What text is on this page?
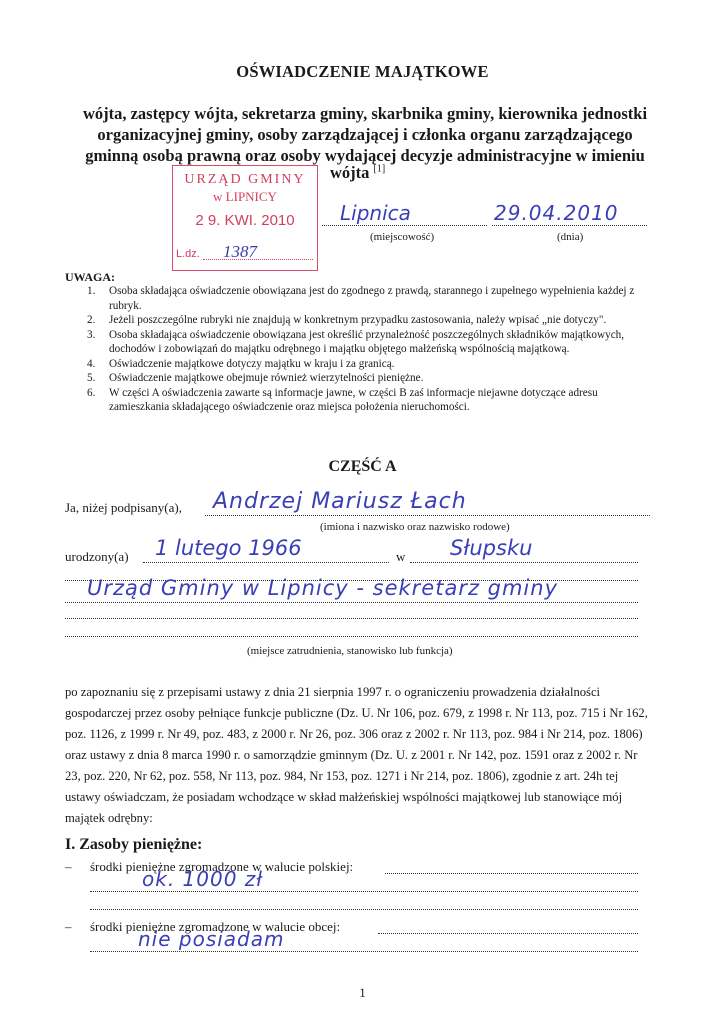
OŚWIADCZENIE MAJĄTKOWE
wójta, zastępcy wójta, sekretarza gminy, skarbnika gminy, kierownika jednostki
organizacyjnej gminy, osoby zarządzającej i członka organu zarządzającego
gminną osobą prawną oraz osoby wydającej decyzje administracyjne w imieniu
wójta [1]
URZĄD GMINY
w LIPNICY
2 9. KWI. 2010
L.dz. 1387
Lipnica	29.04.2010
(miejscowość)	(dnia)
UWAGA:
1. Osoba składająca oświadczenie obowiązana jest do zgodnego z prawdą, starannego i zupełnego wypełnienia każdej z rubryk.
2. Jeżeli poszczególne rubryki nie znajdują w konkretnym przypadku zastosowania, należy wpisać „nie dotyczy".
3. Osoba składająca oświadczenie obowiązana jest określić przynależność poszczególnych składników majątkowych, dochodów i zobowiązań do majątku odrębnego i majątku objętego małżeńską wspólnością majątkową.
4. Oświadczenie majątkowe dotyczy majątku w kraju i za granicą.
5. Oświadczenie majątkowe obejmuje również wierzytelności pieniężne.
6. W części A oświadczenia zawarte są informacje jawne, w części B zaś informacje niejawne dotyczące adresu zamieszkania składającego oświadczenie oraz miejsca położenia nieruchomości.
CZĘŚĆ A
Ja, niżej podpisany(a), Andrzej Mariusz Łach
(imiona i nazwisko oraz nazwisko rodowe)
urodzony(a) 1 lutego 1966	w Słupsku
Urząd Gminy w Lipnicy - sekretarz gminy
(miejsce zatrudnienia, stanowisko lub funkcja)
po zapoznaniu się z przepisami ustawy z dnia 21 sierpnia 1997 r. o ograniczeniu prowadzenia działalności gospodarczej przez osoby pełniące funkcje publiczne (Dz. U. Nr 106, poz. 679, z 1998 r. Nr 113, poz. 715 i Nr 162, poz. 1126, z 1999 r. Nr 49, poz. 483, z 2000 r. Nr 26, poz. 306 oraz z 2002 r. Nr 113, poz. 984 i Nr 214, poz. 1806) oraz ustawy z dnia 8 marca 1990 r. o samorządzie gminnym (Dz. U. z 2001 r. Nr 142, poz. 1591 oraz z 2002 r. Nr 23, poz. 220, Nr 62, poz. 558, Nr 113, poz. 984, Nr 153, poz. 1271 i Nr 214, poz. 1806), zgodnie z art. 24h tej ustawy oświadczam, że posiadam wchodzące w skład małżeńskiej wspólności majątkowej lub stanowiące mój majątek odrębny:
I. Zasoby pieniężne:
– środki pieniężne zgromadzone w walucie polskiej:
ok. 1000 zł
– środki pieniężne zgromadzone w walucie obcej:
nie posiadam
1
